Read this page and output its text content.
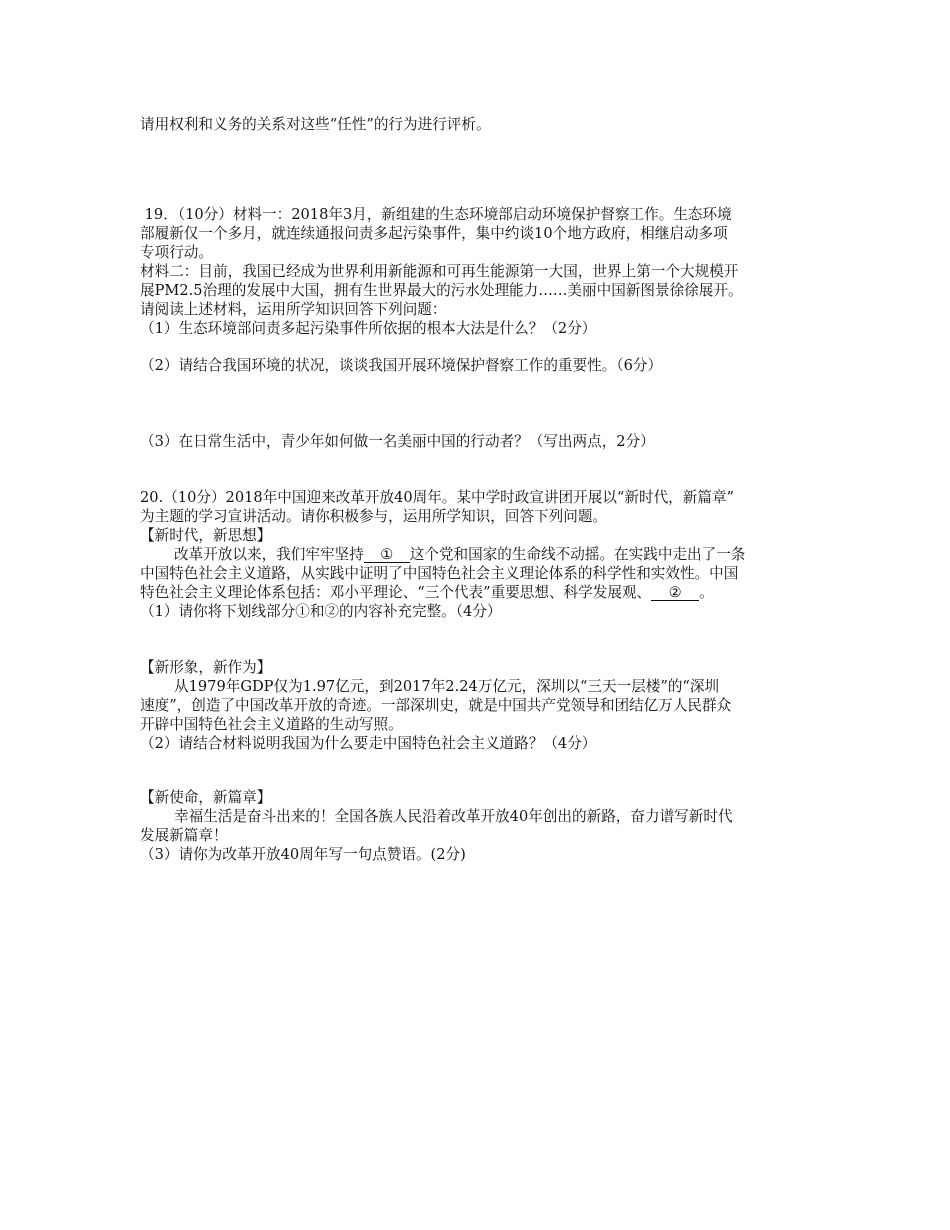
请用权利和义务的关系对这些“任性”的行为进行评析。
19．（10分）材料一：2018年3月，新组建的生态环境部启动环境保护督察工作。生态环境
部履新仅一个多月，就连续通报问责多起污染事件，集中约谈10个地方政府，相继启动多项
专项行动。
材料二：目前，我国已经成为世界利用新能源和可再生能源第一大国，世界上第一个大规模开
展PM2.5治理的发展中大国，拥有生世界最大的污水处理能力……美丽中国新图景徐徐展开。
请阅读上述材料，运用所学知识回答下列问题：
（1）生态环境部问责多起污染事件所依据的根本大法是什么？（2分）
（2）请结合我国环境的状况，谈谈我国开展环境保护督察工作的重要性。（6分）
（3）在日常生活中，青少年如何做一名美丽中国的行动者？（写出两点，2分）
20.（10分）2018年中国迎来改革开放40周年。某中学时政宣讲团开展以“新时代，新篇章”
为主题的学习宣讲活动。请你积极参与，运用所学知识，回答下列问题。
【新时代，新思想】
改革开放以来，我们牢牢坚持 ① 这个党和国家的生命线不动摇。在实践中走出了一条
中国特色社会主义道路，从实践中证明了中国特色社会主义理论体系的科学性和实效性。中国
特色社会主义理论体系包括：邓小平理论、“三个代表”重要思想、科学发展观、 ② 。
（1）请你将下划线部分①和②的内容补充完整。（4分）
【新形象，新作为】
从1979年GDP仅为1.97亿元，到2017年2.24万亿元，深圳以“三天一层楼”的“深圳
速度”，创造了中国改革开放的奇迹。一部深圳史，就是中国共产党领导和团结亿万人民群众
开辟中国特色社会主义道路的生动写照。
（2）请结合材料说明我国为什么要走中国特色社会主义道路？（4分）
【新使命，新篇章】
幸福生活是奋斗出来的！全国各族人民沿着改革开放40年创出的新路，奋力谱写新时代
发展新篇章！
（3）请你为改革开放40周年写一句点赞语。(2分)
